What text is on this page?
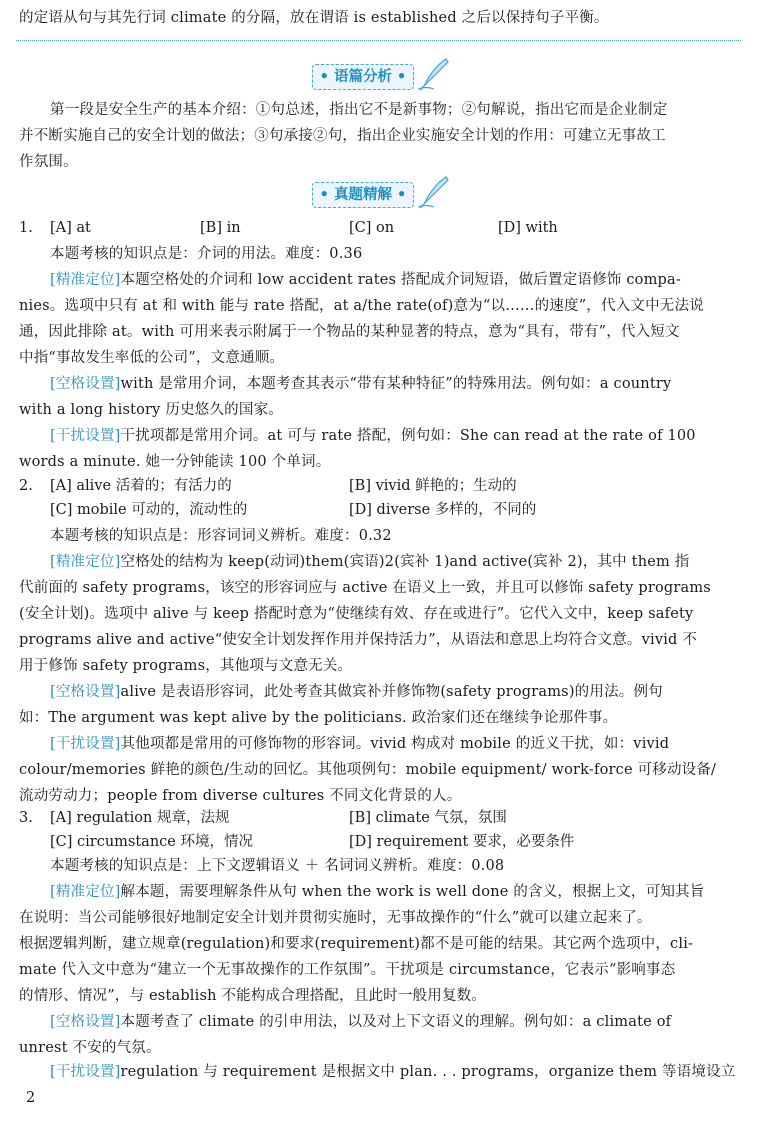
的定语从句与其先行词 climate 的分隔，放在谓语 is established 之后以保持句子平衡。
• 语篇分析 •
第一段是安全生产的基本介绍：①句总述，指出它不是新事物；②句解说，指出它而是企业制定
并不断实施自己的安全计划的做法；③句承接②句，指出企业实施安全计划的作用：可建立无事故工
作氛围。
• 真题精解 •
1. [A] at	[B] in	[C] on	[D] with
本题考核的知识点是：介词的用法。难度：0.36
[精准定位]本题空格处的介词和 low accident rates 搭配成介词短语，做后置定语修饰 compa-
nies。选项中只有 at 和 with 能与 rate 搭配，at a/the rate(of)意为“以……的速度”，代入文中无法说
通，因此排除 at。with 可用来表示附属于一个物品的某种显著的特点，意为“具有，带有”，代入短文
中指“事故发生率低的公司”，文意通顺。
[空格设置]with 是常用介词，本题考查其表示“带有某种特征”的特殊用法。例句如：a country
with a long history 历史悠久的国家。
[干扰设置]干扰项都是常用介词。at 可与 rate 搭配，例句如：She can read at the rate of 100
words a minute. 她一分钟能读 100 个单词。
2. [A] alive 活着的；有活力的	[B] vivid 鲜艳的；生动的
[C] mobile 可动的，流动性的	[D] diverse 多样的，不同的
本题考核的知识点是：形容词词义辨析。难度：0.32
[精准定位]空格处的结构为 keep(动词)them(宾语)2(宾补 1)and active(宾补 2)，其中 them 指
代前面的 safety programs，该空的形容词应与 active 在语义上一致，并且可以修饰 safety programs
(安全计划)。选项中 alive 与 keep 搭配时意为“使继续有效、存在或进行”。它代入文中，keep safety
programs alive and active“使安全计划发挥作用并保持活力”，从语法和意思上均符合文意。vivid 不
用于修饰 safety programs，其他项与文意无关。
[空格设置]alive 是表语形容词，此处考查其做宾补并修饰物(safety programs)的用法。例句
如：The argument was kept alive by the politicians. 政治家们还在继续争论那件事。
[干扰设置]其他项都是常用的可修饰物的形容词。vivid 构成对 mobile 的近义干扰，如：vivid
colour/memories 鲜艳的颜色/生动的回忆。其他项例句：mobile equipment/ work-force 可移动设备/
流动劳动力；people from diverse cultures 不同文化背景的人。
3. [A] regulation 规章，法规	[B] climate 气氛，氛围
[C] circumstance 环境，情况	[D] requirement 要求，必要条件
本题考核的知识点是：上下文逻辑语义 ＋ 名词词义辨析。难度：0.08
[精准定位]解本题，需要理解条件从句 when the work is well done 的含义，根据上文，可知其旨
在说明：当公司能够很好地制定安全计划并贯彻实施时，无事故操作的“什么”就可以建立起来了。
根据逻辑判断，建立规章(regulation)和要求(requirement)都不是可能的结果。其它两个选项中，cli-
mate 代入文中意为“建立一个无事故操作的工作氛围”。干扰项是 circumstance，它表示“影响事态
的情形、情况”，与 establish 不能构成合理搭配，且此时一般用复数。
[空格设置]本题考查了 climate 的引申用法，以及对上下文语义的理解。例句如：a climate of
unrest 不安的气氛。
[干扰设置]regulation 与 requirement 是根据文中 plan. . . programs，organize them 等语境设立
2
